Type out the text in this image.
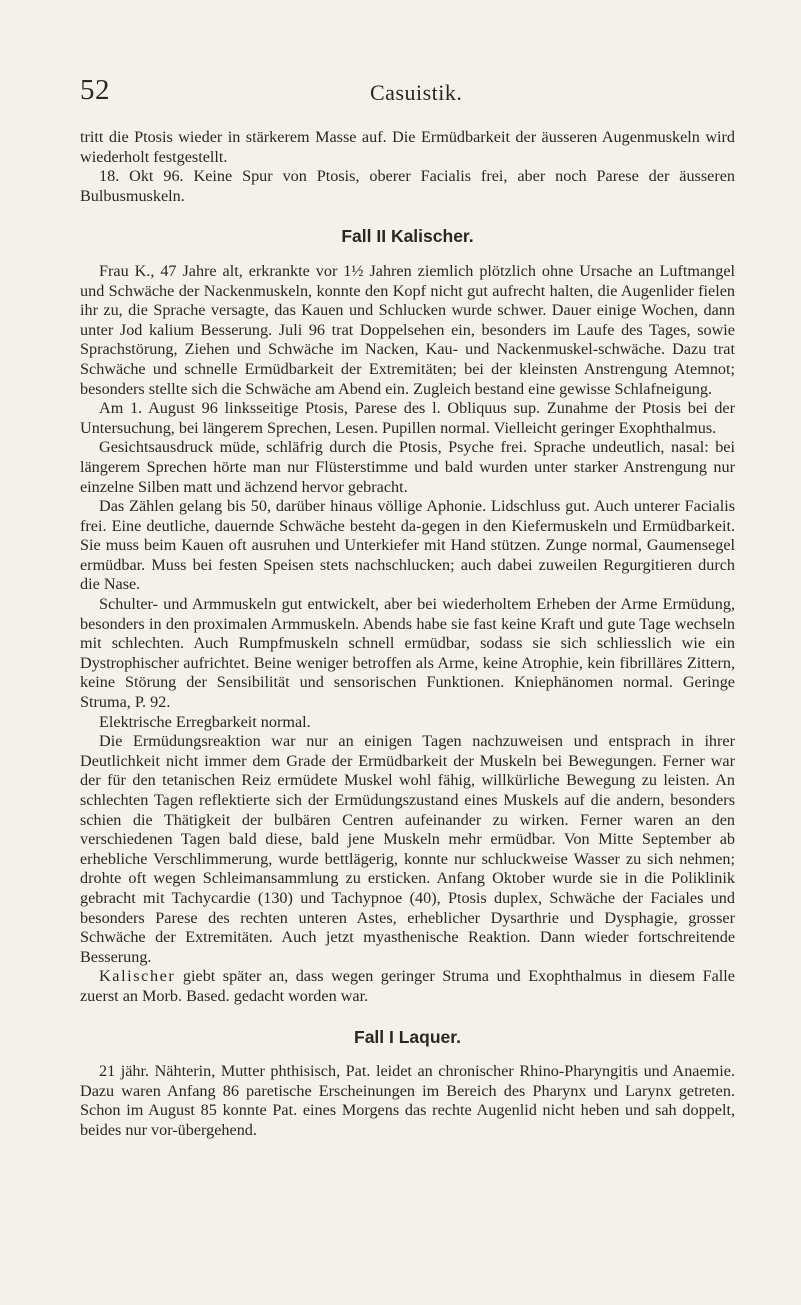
52	Casuistik.

tritt die Ptosis wieder in stärkerem Masse auf. Die Ermüdbarkeit der äusseren Augenmuskeln wird wiederholt festgestellt.

18. Okt 96. Keine Spur von Ptosis, oberer Facialis frei, aber noch Parese der äusseren Bulbusmuskeln.

Fall II Kalischer.

Frau K., 47 Jahre alt, erkrankte vor 1½ Jahren ziemlich plötzlich ohne Ursache an Luftmangel und Schwäche der Nackenmuskeln, konnte den Kopf nicht gut aufrecht halten, die Augenlider fielen ihr zu, die Sprache versagte, das Kauen und Schlucken wurde schwer. Dauer einige Wochen, dann unter Jod kalium Besserung. Juli 96 trat Doppelsehen ein, besonders im Laufe des Tages, sowie Sprachstörung, Ziehen und Schwäche im Nacken, Kau- und Nackenmuskel-schwäche. Dazu trat Schwäche und schnelle Ermüdbarkeit der Extremitäten; bei der kleinsten Anstrengung Atemnot; besonders stellte sich die Schwäche am Abend ein. Zugleich bestand eine gewisse Schlafneigung.

Am 1. August 96 linksseitige Ptosis, Parese des l. Obliquus sup. Zunahme der Ptosis bei der Untersuchung, bei längerem Sprechen, Lesen. Pupillen normal. Vielleicht geringer Exophthalmus.

Gesichtsausdruck müde, schläfrig durch die Ptosis, Psyche frei. Sprache undeutlich, nasal: bei längerem Sprechen hörte man nur Flüsterstimme und bald wurden unter starker Anstrengung nur einzelne Silben matt und ächzend hervor gebracht.

Das Zählen gelang bis 50, darüber hinaus völlige Aphonie. Lidschluss gut. Auch unterer Facialis frei. Eine deutliche, dauernde Schwäche besteht da-gegen in den Kiefermuskeln und Ermüdbarkeit. Sie muss beim Kauen oft ausruhen und Unterkiefer mit Hand stützen. Zunge normal, Gaumensegel ermüdbar. Muss bei festen Speisen stets nachschlucken; auch dabei zuweilen Regurgitieren durch die Nase.

Schulter- und Armmuskeln gut entwickelt, aber bei wiederholtem Erheben der Arme Ermüdung, besonders in den proximalen Armmuskeln. Abends habe sie fast keine Kraft und gute Tage wechseln mit schlechten. Auch Rumpfmuskeln schnell ermüdbar, sodass sie sich schliesslich wie ein Dystrophischer aufrichtet. Beine weniger betroffen als Arme, keine Atrophie, kein fibrilläres Zittern, keine Störung der Sensibilität und sensorischen Funktionen. Kniephänomen normal. Geringe Struma, P. 92.

Elektrische Erregbarkeit normal.

Die Ermüdungsreaktion war nur an einigen Tagen nachzuweisen und entsprach in ihrer Deutlichkeit nicht immer dem Grade der Ermüdbarkeit der Muskeln bei Bewegungen. Ferner war der für den tetanischen Reiz ermüdete Muskel wohl fähig, willkürliche Bewegung zu leisten. An schlechten Tagen reflektierte sich der Ermüdungszustand eines Muskels auf die andern, besonders schien die Thätigkeit der bulbären Centren aufeinander zu wirken. Ferner waren an den verschiedenen Tagen bald diese, bald jene Muskeln mehr ermüdbar. Von Mitte September ab erhebliche Verschlimmerung, wurde bettlägerig, konnte nur schluckweise Wasser zu sich nehmen; drohte oft wegen Schleimansammlung zu ersticken. Anfang Oktober wurde sie in die Poliklinik gebracht mit Tachycardie (130) und Tachypnoe (40), Ptosis duplex, Schwäche der Faciales und besonders Parese des rechten unteren Astes, erheblicher Dysarthrie und Dysphagie, grosser Schwäche der Extremitäten. Auch jetzt myasthenische Reaktion. Dann wieder fortschreitende Besserung.

Kalischer giebt später an, dass wegen geringer Struma und Exophthalmus in diesem Falle zuerst an Morb. Based. gedacht worden war.

Fall I Laquer.

21 jähr. Nähterin, Mutter phthisisch, Pat. leidet an chronischer Rhino-Pharyngitis und Anaemie. Dazu waren Anfang 86 paretische Erscheinungen im Bereich des Pharynx und Larynx getreten. Schon im August 85 konnte Pat. eines Morgens das rechte Augenlid nicht heben und sah doppelt, beides nur vor-übergehend.
